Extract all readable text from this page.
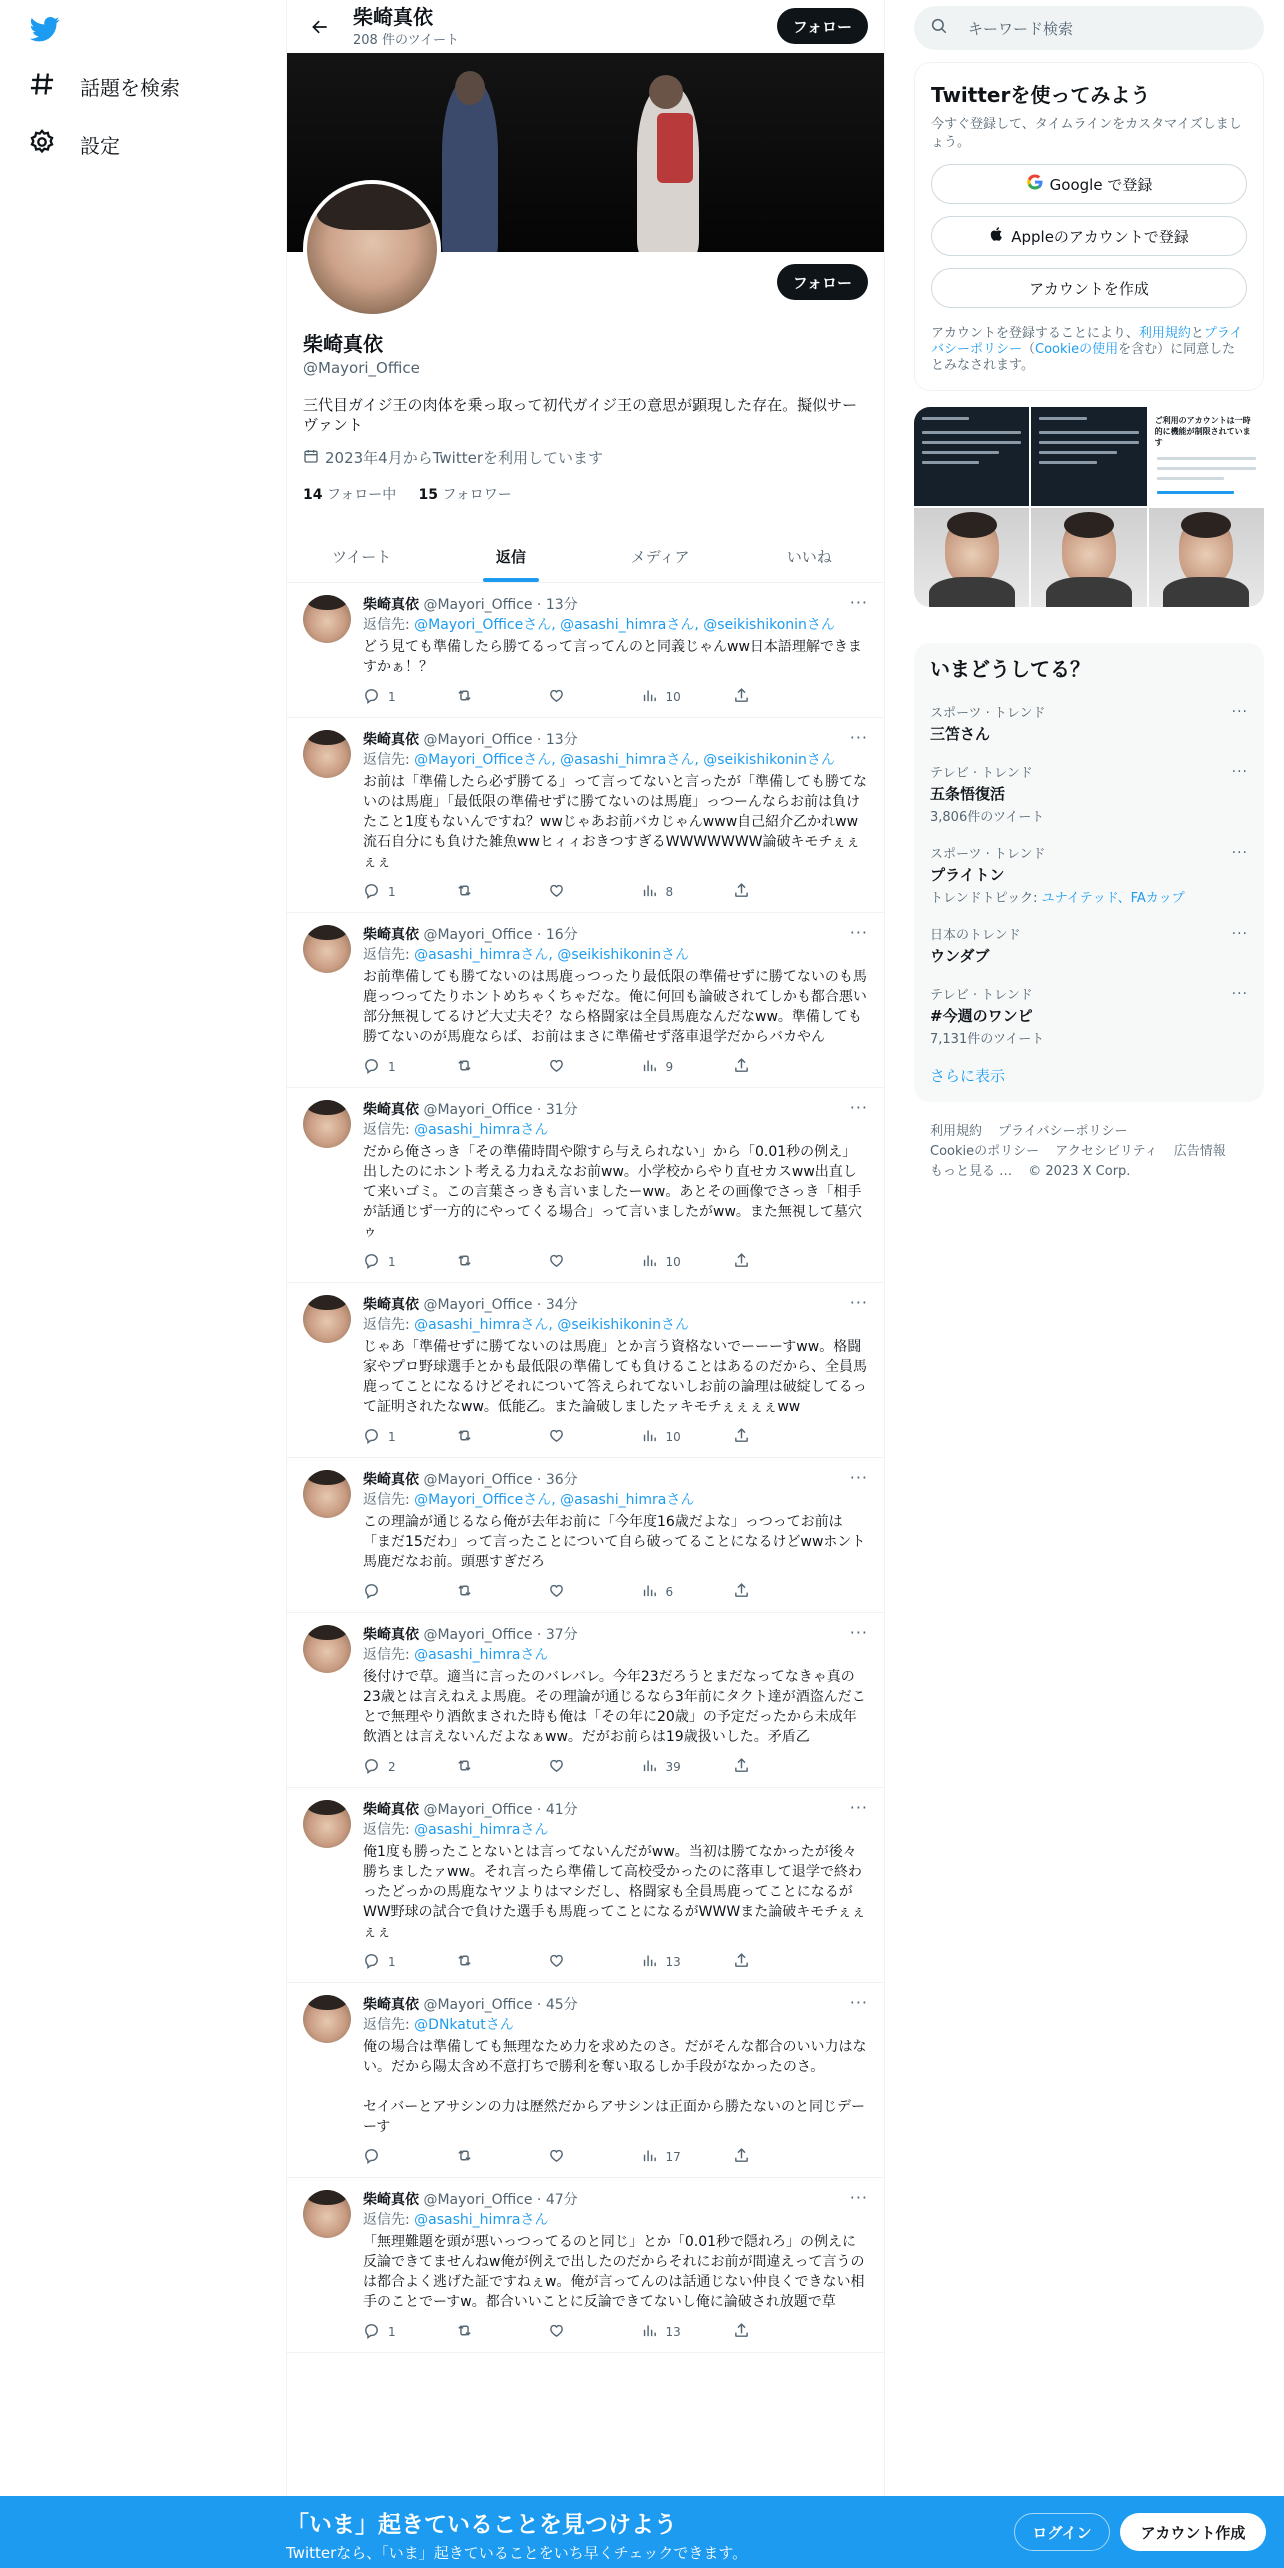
話題を検索
設定
柴崎真依
208 件のツイート
フォロー
フォロー
柴崎真依
@Mayori_Office
三代目ガイジ王の肉体を乗っ取って初代ガイジ王の意思が顕現した存在。擬似サーヴァント
2023年4月からTwitterを利用しています
14 フォロー中 15 フォロワー
ツイート	返信	メディア	いいね
柴崎真依 @Mayori_Office · 13分
返信先: @Mayori_Officeさん, @asashi_himraさん, @seikishikoninさん
どう見ても準備したら勝てるって言ってんのと同義じゃんww日本語理解できますかぁ！？
1	10
···
柴崎真依 @Mayori_Office · 13分
返信先: @Mayori_Officeさん, @asashi_himraさん, @seikishikoninさん
お前は「準備したら必ず勝てる」って言ってないと言ったが「準備しても勝てないのは馬鹿」「最低限の準備せずに勝てないのは馬鹿」っつーんならお前は負けたこと1度もないんですね？wwじゃあお前バカじゃんwww自己紹介乙かれww流石自分にも負けた雑魚wwヒィィおきつすぎるWWWWWWW論破キモチぇぇぇぇ
1	8
···
柴崎真依 @Mayori_Office · 16分
返信先: @asashi_himraさん, @seikishikoninさん
お前準備しても勝てないのは馬鹿っつったり最低限の準備せずに勝てないのも馬鹿っつってたりホントめちゃくちゃだな。俺に何回も論破されてしかも都合悪い部分無視してるけど大丈夫そ？なら格闘家は全員馬鹿なんだなww。準備しても勝てないのが馬鹿ならば、お前はまさに準備せず落車退学だからバカやん
1	9
···
柴崎真依 @Mayori_Office · 31分
返信先: @asashi_himraさん
だから俺さっき「その準備時間や隙すら与えられない」から「0.01秒の例え」出したのにホント考える力ねえなお前ww。小学校からやり直せカスww出直して来いゴミ。この言葉さっきも言いましたーww。あとその画像でさっき「相手が話通じず一方的にやってくる場合」って言いましたがww。また無視して墓穴ゥ
1	10
···
柴崎真依 @Mayori_Office · 34分
返信先: @asashi_himraさん, @seikishikoninさん
じゃあ「準備せずに勝てないのは馬鹿」とか言う資格ないでーーーすww。格闘家やプロ野球選手とかも最低限の準備しても負けることはあるのだから、全員馬鹿ってことになるけどそれについて答えられてないしお前の論理は破綻してるって証明されたなww。低能乙。また論破しましたァキモチぇぇぇぇww
1	10
···
柴崎真依 @Mayori_Office · 36分
返信先: @Mayori_Officeさん, @asashi_himraさん
この理論が通じるなら俺が去年お前に「今年度16歳だよな」っつってお前は「まだ15だわ」って言ったことについて自ら破ってることになるけどwwホント馬鹿だなお前。頭悪すぎだろ
6
···
柴崎真依 @Mayori_Office · 37分
返信先: @asashi_himraさん
後付けで草。適当に言ったのバレバレ。今年23だろうとまだなってなきゃ真の23歳とは言えねえよ馬鹿。その理論が通じるなら3年前にタクト達が酒盗んだことで無理やり酒飲まされた時も俺は「その年に20歳」の予定だったから未成年飲酒とは言えないんだよなぁww。だがお前らは19歳扱いした。矛盾乙
2	39
···
柴崎真依 @Mayori_Office · 41分
返信先: @asashi_himraさん
俺1度も勝ったことないとは言ってないんだがww。当初は勝てなかったが後々勝ちましたァww。それ言ったら準備して高校受かったのに落車して退学で終わったどっかの馬鹿なヤツよりはマシだし、格闘家も全員馬鹿ってことになるがWW野球の試合で負けた選手も馬鹿ってことになるがWWWまた論破キモチぇぇぇぇ
1	13
···
柴崎真依 @Mayori_Office · 45分
返信先: @DNkatutさん
俺の場合は準備しても無理なため力を求めたのさ。だがそんな都合のいい力はない。だから陽太含め不意打ちで勝利を奪い取るしか手段がなかったのさ。

セイバーとアサシンの力は歴然だからアサシンは正面から勝たないのと同じデーーす
17
···
柴崎真依 @Mayori_Office · 47分
返信先: @asashi_himraさん
「無理難題を頭が悪いっつってるのと同じ」とか「0.01秒で隠れろ」の例えに反論できてませんねw俺が例えで出したのだからそれにお前が間違えって言うのは都合よく逃げた証ですねぇw。俺が言ってんのは話通じない仲良くできない相手のことでーすw。都合いいことに反論できてないし俺に論破され放題で草
1	13
···
キーワード検索
Twitterを使ってみよう
今すぐ登録して、タイムラインをカスタマイズしましょう。
Google で登録
Appleのアカウントで登録
アカウントを作成
アカウントを登録することにより、利用規約とプライバシーポリシー（Cookieの使用を含む）に同意したとみなされます。
ご利用のアカウントは一時的に機能が制限されています
いまどうしてる？
スポーツ · トレンド
三笘さん
···
テレビ · トレンド
五条悟復活
3,806件のツイート
···
スポーツ · トレンド
プライトン
トレンドトピック: ユナイテッド、FAカップ
···
日本のトレンド
ウンダブ
···
テレビ · トレンド
#今週のワンピ
7,131件のツイート
···
さらに表示
利用規約 プライバシーポリシー
Cookieのポリシー アクセシビリティ 広告情報
もっと見る … © 2023 X Corp.
「いま」起きていることを見つけよう
Twitterなら、「いま」起きていることをいち早くチェックできます。
ログイン	アカウント作成
